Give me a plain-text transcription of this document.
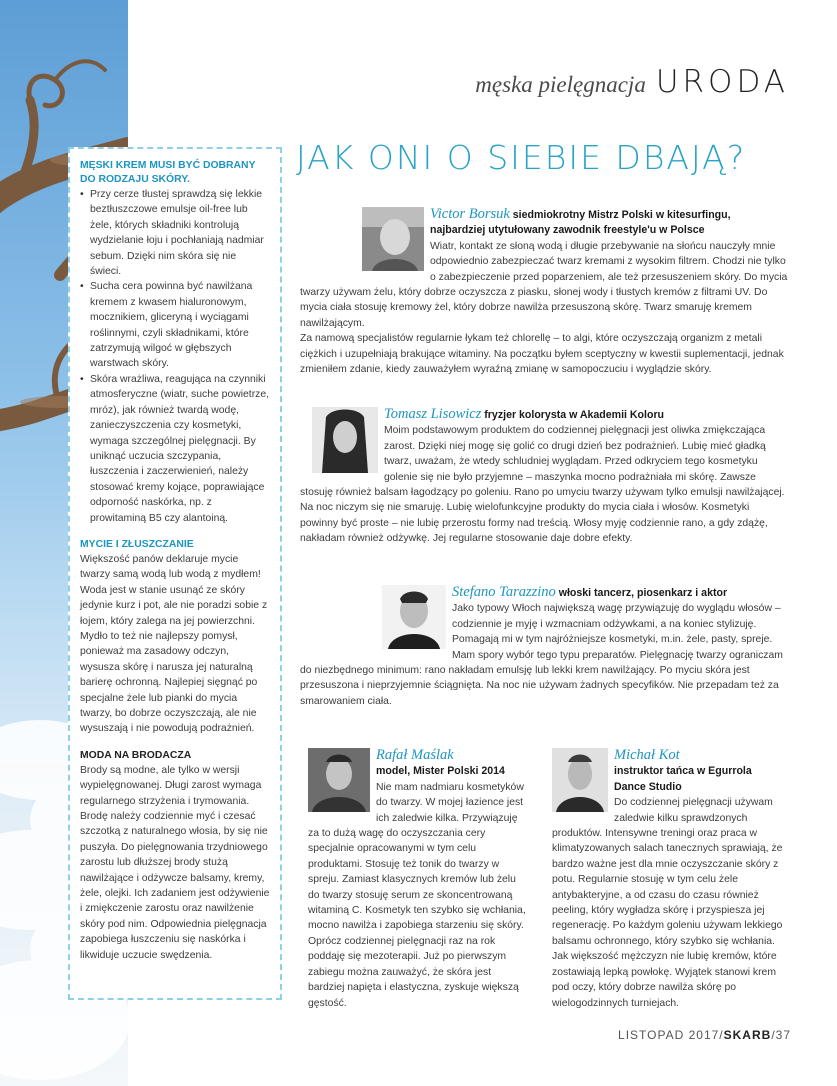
męska pielęgnacja URODA
JAK ONI O SIEBIE DBAJĄ?
MĘSKI KREM MUSI BYĆ DOBRANY DO RODZAJU SKÓRY.
• Przy cerze tłustej sprawdzą się lekkie beztłuszczowe emulsje oil-free lub żele, których składniki kontrolują wydzielanie łoju i pochłaniają nadmiar sebum. Dzięki nim skóra się nie świeci.
• Sucha cera powinna być nawilżana kremem z kwasem hialuronowym, mocznikiem, gliceryną i wyciągami roślinnymi, czyli składnikami, które zatrzymują wilgoć w głębszych warstwach skóry.
• Skóra wrażliwa, reagująca na czynniki atmosferyczne (wiatr, suche powietrze, mróz), jak również twardą wodę, zanieczyszczenia czy kosmetyki, wymaga szczególnej pielęgnacji. By uniknąć uczucia szczypania, łuszczenia i zaczerwienień, należy stosować kremy kojące, poprawiające odporność naskórka, np. z prowitaminą B5 czy alantoiną.
MYCIE I ZŁUSZCZANIE

Większość panów deklaruje mycie twarzy samą wodą lub wodą z mydłem! Woda jest w stanie usunąć ze skóry jedynie kurz i pot, ale nie poradzi sobie z łojem, który zalega na jej powierzchni. Mydło to też nie najlepszy pomysł, ponieważ ma zasadowy odczyn, wysusza skórę i narusza jej naturalną barierę ochronną. Najlepiej sięgnąć po specjalne żele lub pianki do mycia twarzy, bo dobrze oczyszczają, ale nie wysuszają i nie powodują podrażnień.

MODA NA BRODACZA

Brody są modne, ale tylko w wersji wypielęgnowanej. Długi zarost wymaga regularnego strzyżenia i trymowania. Brodę należy codziennie myć i czesać szczotką z naturalnego włosia, by się nie puszyła. Do pielęgnowania trzydniowego zarostu lub dłuższej brody stużą nawilżające i odżywcze balsamy, kremy, żele, olejki. Ich zadaniem jest odżywienie i zmiękczenie zarostu oraz nawilżenie skóry pod nim. Odpowiednia pielęgnacja zapobiega łuszczeniu się naskórka i likwiduje uczucie swędzenia.

Victor Borsuk siedmiokrotny Mistrz Polski w kitesurfingu, najbardziej utytułowany zawodnik freestyle'u w Polsce
Wiatr, kontakt ze słoną wodą i długie przebywanie na słońcu nauczyły mnie odpowiednio zabezpieczać twarz kremami z wysokim filtrem. Chodzi nie tylko o zabezpieczenie przed poparzeniem, ale też przesuszeniem skóry. Do mycia twarzy używam żelu, który dobrze oczyszcza z piasku, słonej wody i tłustych kremów z filtrami UV. Do mycia ciała stosuję kremowy żel, który dobrze nawilża przesuszoną skórę. Twarz smaruję kremem nawilżającym.
Za namową specjalistów regularnie łykam też chlorellę – to algi, które oczyszczają organizm z metali ciężkich i uzupełniają brakujące witaminy. Na początku byłem sceptyczny w kwestii suplementacji, jednak zmieniłem zdanie, kiedy zauważyłem wyraźną zmianę w samopoczuciu i wyglądzie skóry.
Tomasz Lisowicz fryzjer kolorysta w Akademii Koloru
Moim podstawowym produktem do codziennej pielęgnacji jest oliwka zmiękczająca zarost. Dzięki niej mogę się golić co drugi dzień bez podrażnień. Lubię mieć gładką twarz, uważam, że wtedy schludniej wyglądam. Przed odkryciem tego kosmetyku golenie się nie było przyjemne – maszynka mocno podrażniała mi skórę. Zawsze stosuję również balsam łagodzący po goleniu. Rano po umyciu twarzy używam tylko emulsji nawilżającej. Na noc niczym się nie smaruję. Lubię wielofunkcyjne produkty do mycia ciała i włosów. Kosmetyki powinny być proste – nie lubię przerostu formy nad treścią. Włosy myję codziennie rano, a gdy zdążę, nakładam również odżywkę. Jej regularne stosowanie daje dobre efekty.
Stefano Tarazzino włoski tancerz, piosenkarz i aktor
Jako typowy Włoch największą wagę przywiązuję do wyglądu włosów – codziennie je myję i wzmacniam odżywkami, a na koniec stylizuję. Pomagają mi w tym najróżniejsze kosmetyki, m.in. żele, pasty, spreje. Mam spory wybór tego typu preparatów. Pielęgnację twarzy ograniczam do niezbędnego minimum: rano nakładam emulsję lub lekki krem nawilżający. Po myciu skóra jest przesuszona i nieprzyjemnie ściągnięta. Na noc nie używam żadnych specyfików. Nie przepadam też za smarowaniem ciała.
Rafał Maślak
model, Mister Polski 2014
Nie mam nadmiaru kosmetyków do twarzy. W mojej łazience jest ich zaledwie kilka. Przywiązuję za to dużą wagę do oczyszczania cery specjalnie opracowanymi w tym celu produktami. Stosuję też tonik do twarzy w spreju. Zamiast klasycznych kremów lub żelu do twarzy stosuję serum ze skoncentrowaną witaminą C. Kosmetyk ten szybko się wchłania, mocno nawilża i zapobiega starzeniu się skóry. Oprócz codziennej pielęgnacji raz na rok poddaję się mezoterapii. Już po pierwszym zabiegu można zauważyć, że skóra jest bardziej napięta i elastyczna, zyskuje większą gęstość.
Michał Kot
instruktor tańca w Egurrola Dance Studio
Do codziennej pielęgnacji używam zaledwie kilku sprawdzonych produktów. Intensywne treningi oraz praca w klimatyzowanych salach tanecznych sprawiają, że bardzo ważne jest dla mnie oczyszczanie skóry z potu. Regularnie stosuję w tym celu żele antybakteryjne, a od czasu do czasu również peeling, który wygładza skórę i przyspiesza jej regenerację. Po każdym goleniu używam lekkiego balsamu ochronnego, który szybko się wchłania. Jak większość mężczyzn nie lubię kremów, które zostawiają lepką powłokę. Wyjątek stanowi krem pod oczy, który dobrze nawilża skórę po wielogodzinnych turniejach.
LISTOPAD 2017/SKARB/37
